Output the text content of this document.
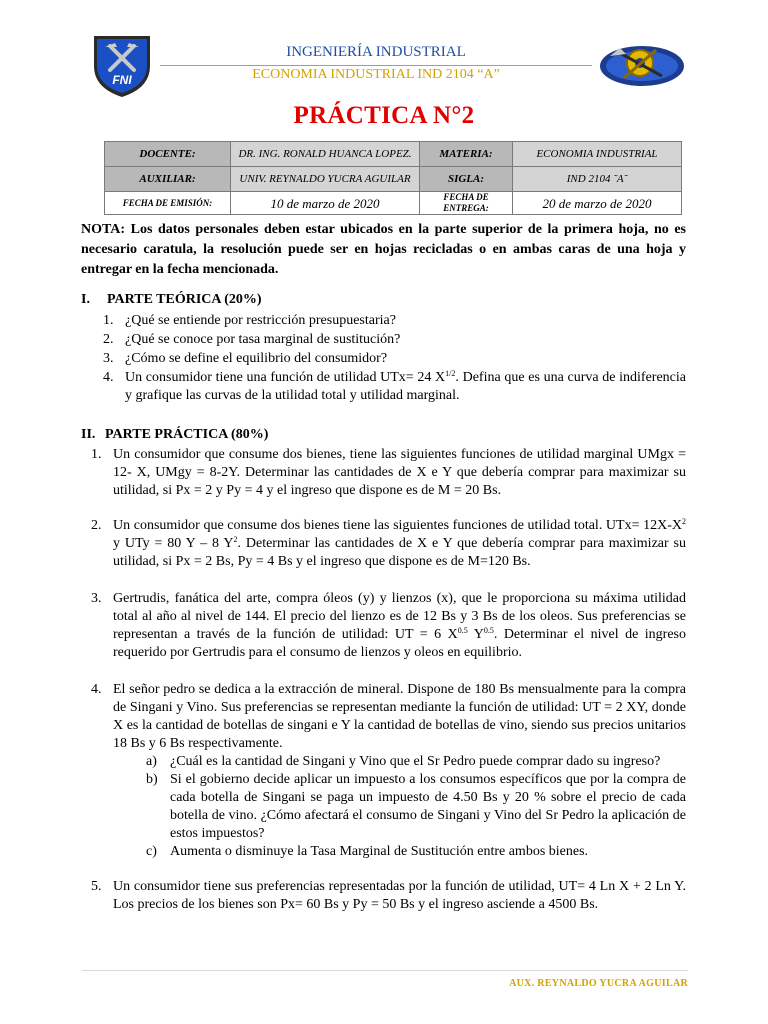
FNI
INGENIERÍA INDUSTRIAL
ECONOMIA INDUSTRIAL IND 2104 “A”
PRÁCTICA N°2
DOCENTE:	DR. ING. RONALD HUANCA LOPEZ.	MATERIA:	ECONOMIA INDUSTRIAL
AUXILIAR:	UNIV. REYNALDO YUCRA AGUILAR	SIGLA:	IND 2104 ˜A˜
FECHA DE EMISIÓN:	10 de marzo de 2020	FECHA DE ENTREGA:	20 de marzo de 2020
NOTA: Los datos personales deben estar ubicados en la parte superior de la primera hoja, no es necesario caratula, la resolución puede ser en hojas recicladas o en ambas caras de una hoja y entregar en la fecha mencionada.
I. PARTE TEÓRICA (20%)
1. ¿Qué se entiende por restricción presupuestaria?
2. ¿Qué se conoce por tasa marginal de sustitución?
3. ¿Cómo se define el equilibrio del consumidor?
4. Un consumidor tiene una función de utilidad UTx= 24 $X^{1/2}$. Defina que es una curva de indiferencia y grafique las curvas de la utilidad total y utilidad marginal.
II. PARTE PRÁCTICA (80%)
1. Un consumidor que consume dos bienes, tiene las siguientes funciones de utilidad marginal UMgx = 12- X, UMgy = 8-2Y. Determinar las cantidades de X e Y que debería comprar para maximizar su utilidad, si Px = 2 y Py = 4 y el ingreso que dispone es de M = 20 Bs.
2. Un consumidor que consume dos bienes tiene las siguientes funciones de utilidad total. $UTx= 12X-X^2$ y UTy = 80 Y – 8 $Y^2$. Determinar las cantidades de X e Y que debería comprar para maximizar su utilidad, si Px = 2 Bs, Py = 4 Bs y el ingreso que dispone es de M=120 Bs.
3. Gertrudis, fanática del arte, compra óleos (y) y lienzos (x), que le proporciona su máxima utilidad total al año al nivel de 144. El precio del lienzo es de 12 Bs y 3 Bs de los oleos. Sus preferencias se representan a través de la función de utilidad: UT = 6 $X^{0.5}$ $Y^{0.5}$. Determinar el nivel de ingreso requerido por Gertrudis para el consumo de lienzos y oleos en equilibrio.
4. El señor pedro se dedica a la extracción de mineral. Dispone de 180 Bs mensualmente para la compra de Singani y Vino. Sus preferencias se representan mediante la función de utilidad: UT = 2 XY, donde X es la cantidad de botellas de singani e Y la cantidad de botellas de vino, siendo sus precios unitarios 18 Bs y 6 Bs respectivamente.
a) ¿Cuál es la cantidad de Singani y Vino que el Sr Pedro puede comprar dado su ingreso?
b) Si el gobierno decide aplicar un impuesto a los consumos específicos que por la compra de cada botella de Singani se paga un impuesto de 4.50 Bs y 20 % sobre el precio de cada botella de vino. ¿Cómo afectará el consumo de Singani y Vino del Sr Pedro la aplicación de estos impuestos?
c) Aumenta o disminuye la Tasa Marginal de Sustitución entre ambos bienes.
5. Un consumidor tiene sus preferencias representadas por la función de utilidad, UT= 4 Ln X + 2 Ln Y. Los precios de los bienes son Px= 60 Bs y Py = 50 Bs y el ingreso asciende a 4500 Bs.
AUX. REYNALDO YUCRA AGUILAR
